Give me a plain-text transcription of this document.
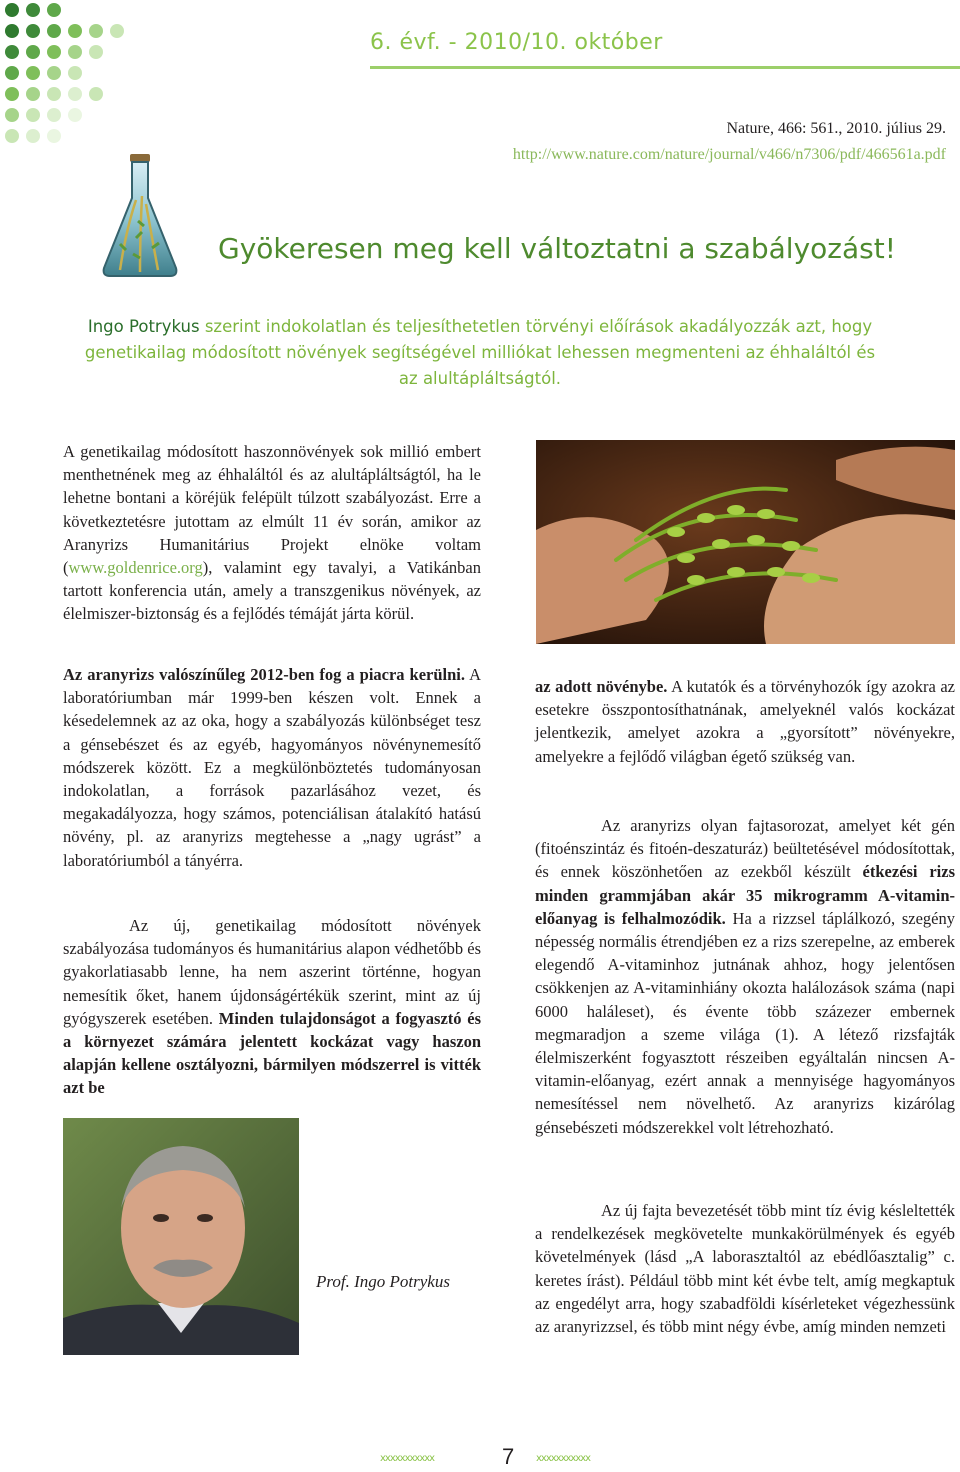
6. évf. - 2010/10. október
Nature, 466: 561., 2010. július 29.
http://www.nature.com/nature/journal/v466/n7306/pdf/466561a.pdf
Gyökeresen meg kell változtatni a szabályozást!
Ingo Potrykus szerint indokolatlan és teljesíthetetlen törvényi előírások akadályozzák azt, hogy genetikailag módosított növények segítségével milliókat lehessen megmenteni az éhhaláltól és az alultápláltságtól.

A genetikailag módosított haszonnövények sok millió embert menthetnének meg az éhhaláltól és az alultápláltságtól, ha le lehetne bontani a köréjük felépült túlzott szabályozást. Erre a következtetésre jutottam az elmúlt 11 év során, amikor az Aranyrizs Humanitárius Projekt elnöke voltam (www.goldenrice.org), valamint egy tavalyi, a Vatikánban tartott konferencia után, amely a transzgenikus növények, az élelmiszer-biztonság és a fejlődés témáját járta körül.

Az aranyrizs valószínűleg 2012-ben fog a piacra kerülni. A laboratóriumban már 1999-ben készen volt. Ennek a késedelemnek az az oka, hogy a szabályozás különbséget tesz a génsebészet és az egyéb, hagyományos növénynemesítő módszerek között. Ez a megkülönböztetés tudományosan indokolatlan, a források pazarlásához vezet, és megakadályozza, hogy számos, potenciálisan átalakító hatású növény, pl. az aranyrizs megtehesse a „nagy ugrást” a laboratóriumból a tányérra.

Az új, genetikailag módosított növények szabályozása tudományos és humanitárius alapon védhetőbb és gyakorlatiasabb lenne, ha nem aszerint történne, hogyan nemesítik őket, hanem újdonságértékük szerint, mint az új gyógyszerek esetében. Minden tulajdonságot a fogyasztó és a környezet számára jelentett kockázat vagy haszon alapján kellene osztályozni, bármilyen módszerrel is vitték azt be

az adott növénybe. A kutatók és a törvényhozók így azokra az esetekre összpontosíthatnának, amelyeknél valós kockázat jelentkezik, amelyet azokra a „gyorsított” növényekre, amelyekre a fejlődő világban égető szükség van.

Az aranyrizs olyan fajtasorozat, amelyet két gén (fitoénszintáz és fitoén-deszaturáz) beültetésével módosítottak, és ennek köszönhetően az ezekből készült étkezési rizs minden grammjában akár 35 mikrogramm A-vitamin-előanyag is felhalmozódik. Ha a rizzsel táplálkozó, szegény népesség normális étrendjében ez a rizs szerepelne, az emberek elegendő A-vitaminhoz jutnának ahhoz, hogy jelentősen csökkenjen az A-vitaminhiány okozta halálozások száma (napi 6000 haláleset), és évente több százezer embernek megmaradjon a szeme világa (1). A létező rizsfajták élelmiszerként fogyasztott részeiben egyáltalán nincsen A-vitamin-előanyag, ezért annak a mennyisége hagyományos nemesítéssel nem növelhető. Az aranyrizs kizárólag génsebészeti módszerekkel volt létrehozható.

Az új fajta bevezetését több mint tíz évig késleltették a rendelkezések megkövetelte munkakörülmények és egyéb követelmények (lásd „A laborasztaltól az ebédlőasztalig” c. keretes írást). Például több mint két évbe telt, amíg megkaptuk az engedélyt arra, hogy szabadföldi kísérleteket végezhessünk az aranyrizzsel, és több mint négy évbe, amíg minden nemzeti

Prof. Ingo Potrykus
xxxxxxxxxxx	7 xxxxxxxxxxx
